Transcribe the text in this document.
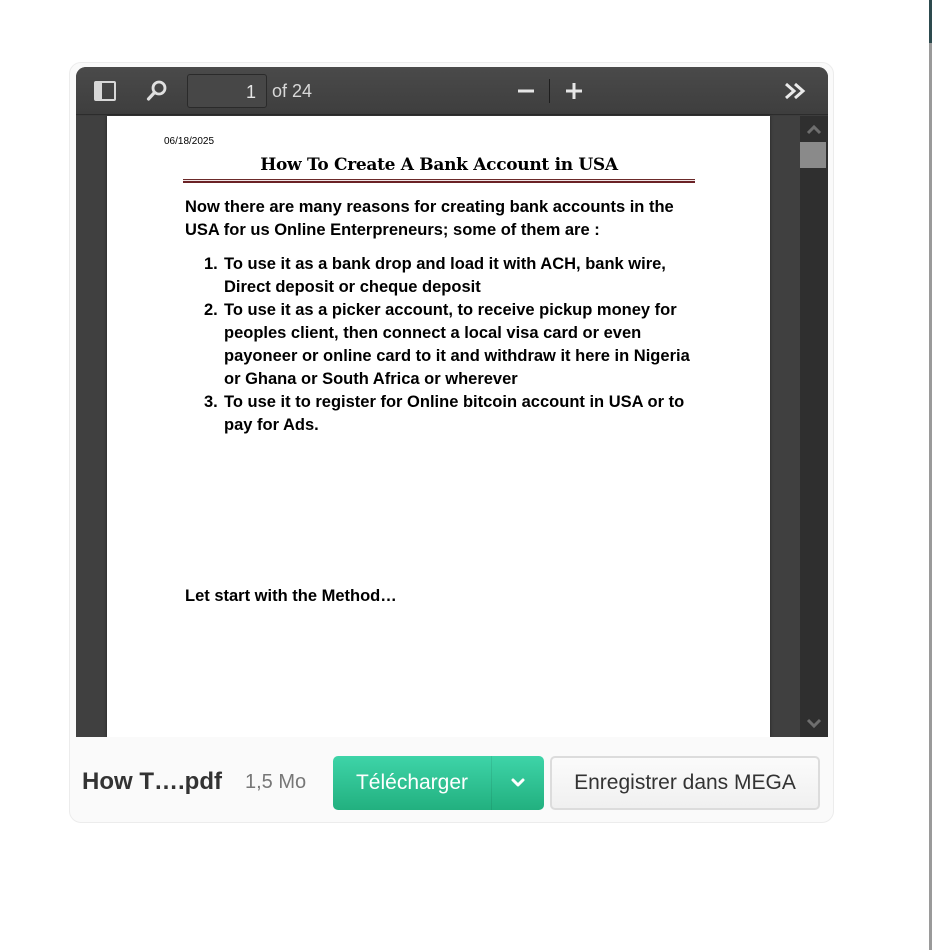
1 of 24
06/18/2025
How To Create A Bank Account in USA

Now there are many reasons for creating bank accounts in the USA for us Online Enterpreneurs; some of them are :

1. To use it as a bank drop and load it with ACH, bank wire, Direct deposit or cheque deposit
2. To use it as a picker account, to receive pickup money for peoples client, then connect a local visa card or even payoneer or online card to it and withdraw it here in Nigeria or Ghana or South Africa or wherever
3. To use it to register for Online bitcoin account in USA or to pay for Ads.
Let start with the Method…
How T….pdf 1,5 Mo	Télécharger	Enregistrer dans MEGA
